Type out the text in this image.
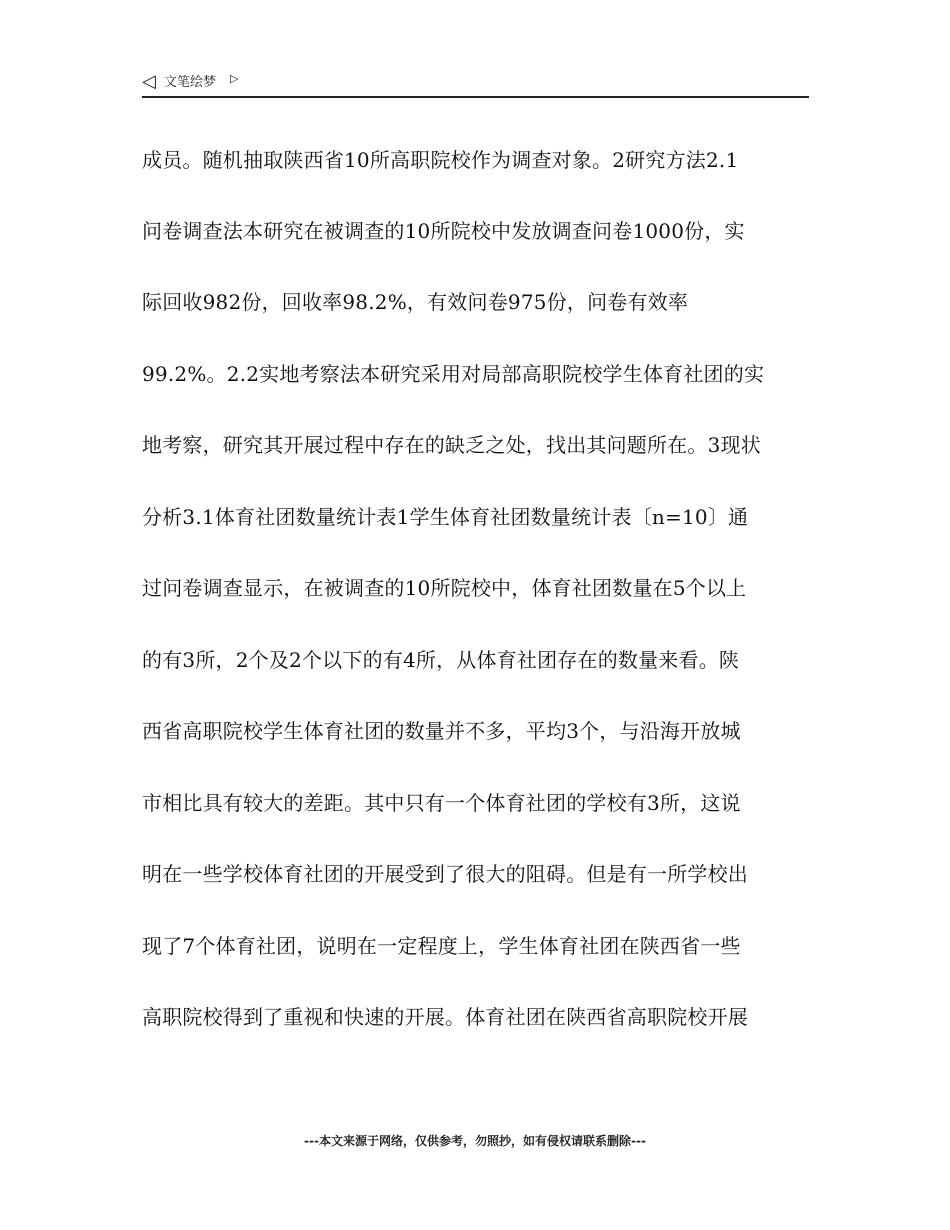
◁ 文笔绘梦 ▷
成员。随机抽取陕西省10所高职院校作为调查对象。2研究方法2.1
问卷调查法本研究在被调查的10所院校中发放调查问卷1000份，实
际回收982份，回收率98.2%，有效问卷975份，问卷有效率
99.2%。2.2实地考察法本研究采用对局部高职院校学生体育社团的实
地考察，研究其开展过程中存在的缺乏之处，找出其问题所在。3现状
分析3.1体育社团数量统计表1学生体育社团数量统计表〔n=10〕通
过问卷调查显示，在被调查的10所院校中，体育社团数量在5个以上
的有3所，2个及2个以下的有4所，从体育社团存在的数量来看。陕
西省高职院校学生体育社团的数量并不多，平均3个，与沿海开放城
市相比具有较大的差距。其中只有一个体育社团的学校有3所，这说
明在一些学校体育社团的开展受到了很大的阻碍。但是有一所学校出
现了7个体育社团，说明在一定程度上，学生体育社团在陕西省一些
高职院校得到了重视和快速的开展。体育社团在陕西省高职院校开展
---本文来源于网络，仅供参考，勿照抄，如有侵权请联系删除---
